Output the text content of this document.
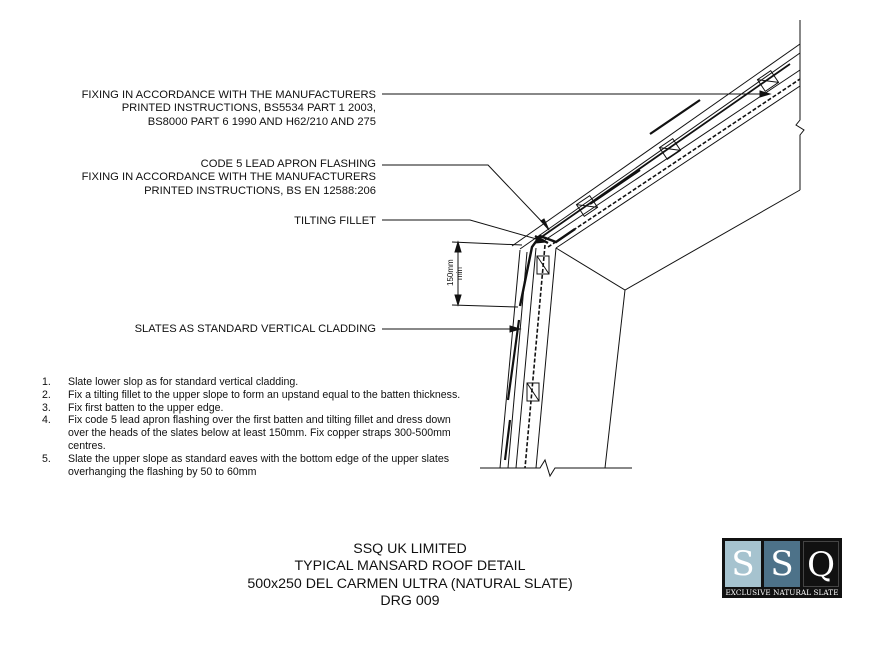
150mm min
FIXING IN ACCORDANCE WITH THE MANUFACTURERS
PRINTED INSTRUCTIONS, BS5534 PART 1 2003,
BS8000 PART 6 1990 AND H62/210 AND 275
CODE 5 LEAD APRON FLASHING
FIXING IN ACCORDANCE WITH THE MANUFACTURERS
PRINTED INSTRUCTIONS, BS EN 12588:206
TILTING FILLET
SLATES AS STANDARD VERTICAL CLADDING
1. Slate lower slop as for standard vertical cladding.
2. Fix a tilting fillet to the upper slope to form an upstand equal to the batten thickness.
3. Fix first batten to the upper edge.
4. Fix code 5 lead apron flashing over the first batten and tilting fillet and dress down over the heads of the slates below at least 150mm. Fix copper straps 300-500mm centres.
5. Slate the upper slope as standard eaves with the bottom edge of the upper slates overhanging the flashing by 50 to 60mm
SSQ UK LIMITED
TYPICAL MANSARD ROOF DETAIL
500x250 DEL CARMEN ULTRA (NATURAL SLATE)
DRG 009
S S Q
EXCLUSIVE NATURAL SLATE
